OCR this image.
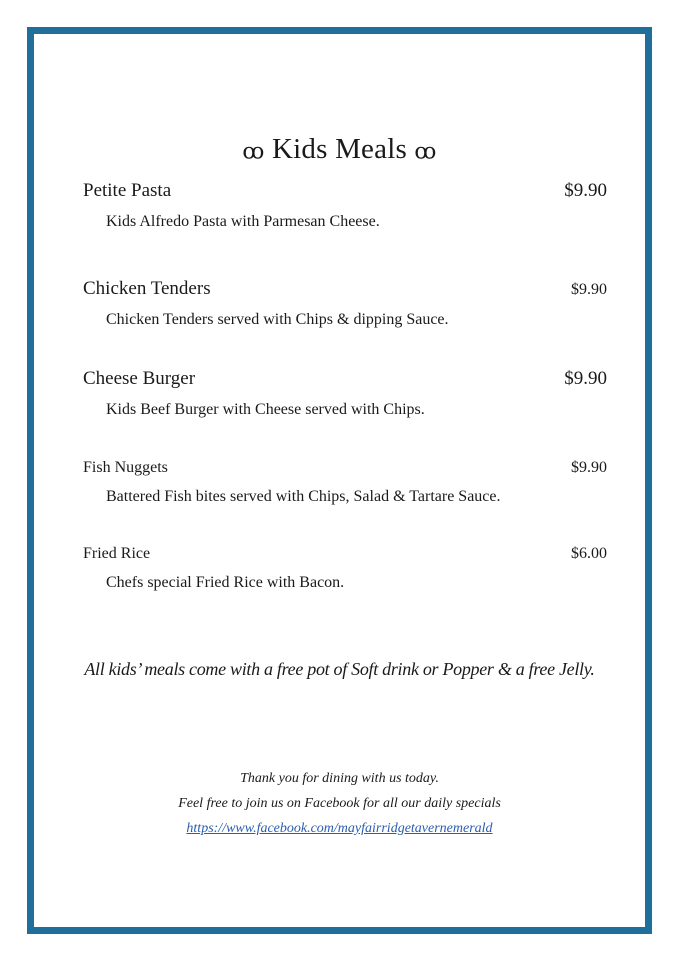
ꝏ Kids Meals ꝏ
Petite Pasta	$9.90
Kids Alfredo Pasta with Parmesan Cheese.
Chicken Tenders	$9.90
Chicken Tenders served with Chips & dipping Sauce.
Cheese Burger	$9.90
Kids Beef Burger with Cheese served with Chips.
Fish Nuggets	$9.90
Battered Fish bites served with Chips, Salad & Tartare Sauce.
Fried Rice	$6.00
Chefs special Fried Rice with Bacon.
All kids’ meals come with a free pot of Soft drink or Popper & a free Jelly.
Thank you for dining with us today.
Feel free to join us on Facebook for all our daily specials
https://www.facebook.com/mayfairridgetavernemerald
